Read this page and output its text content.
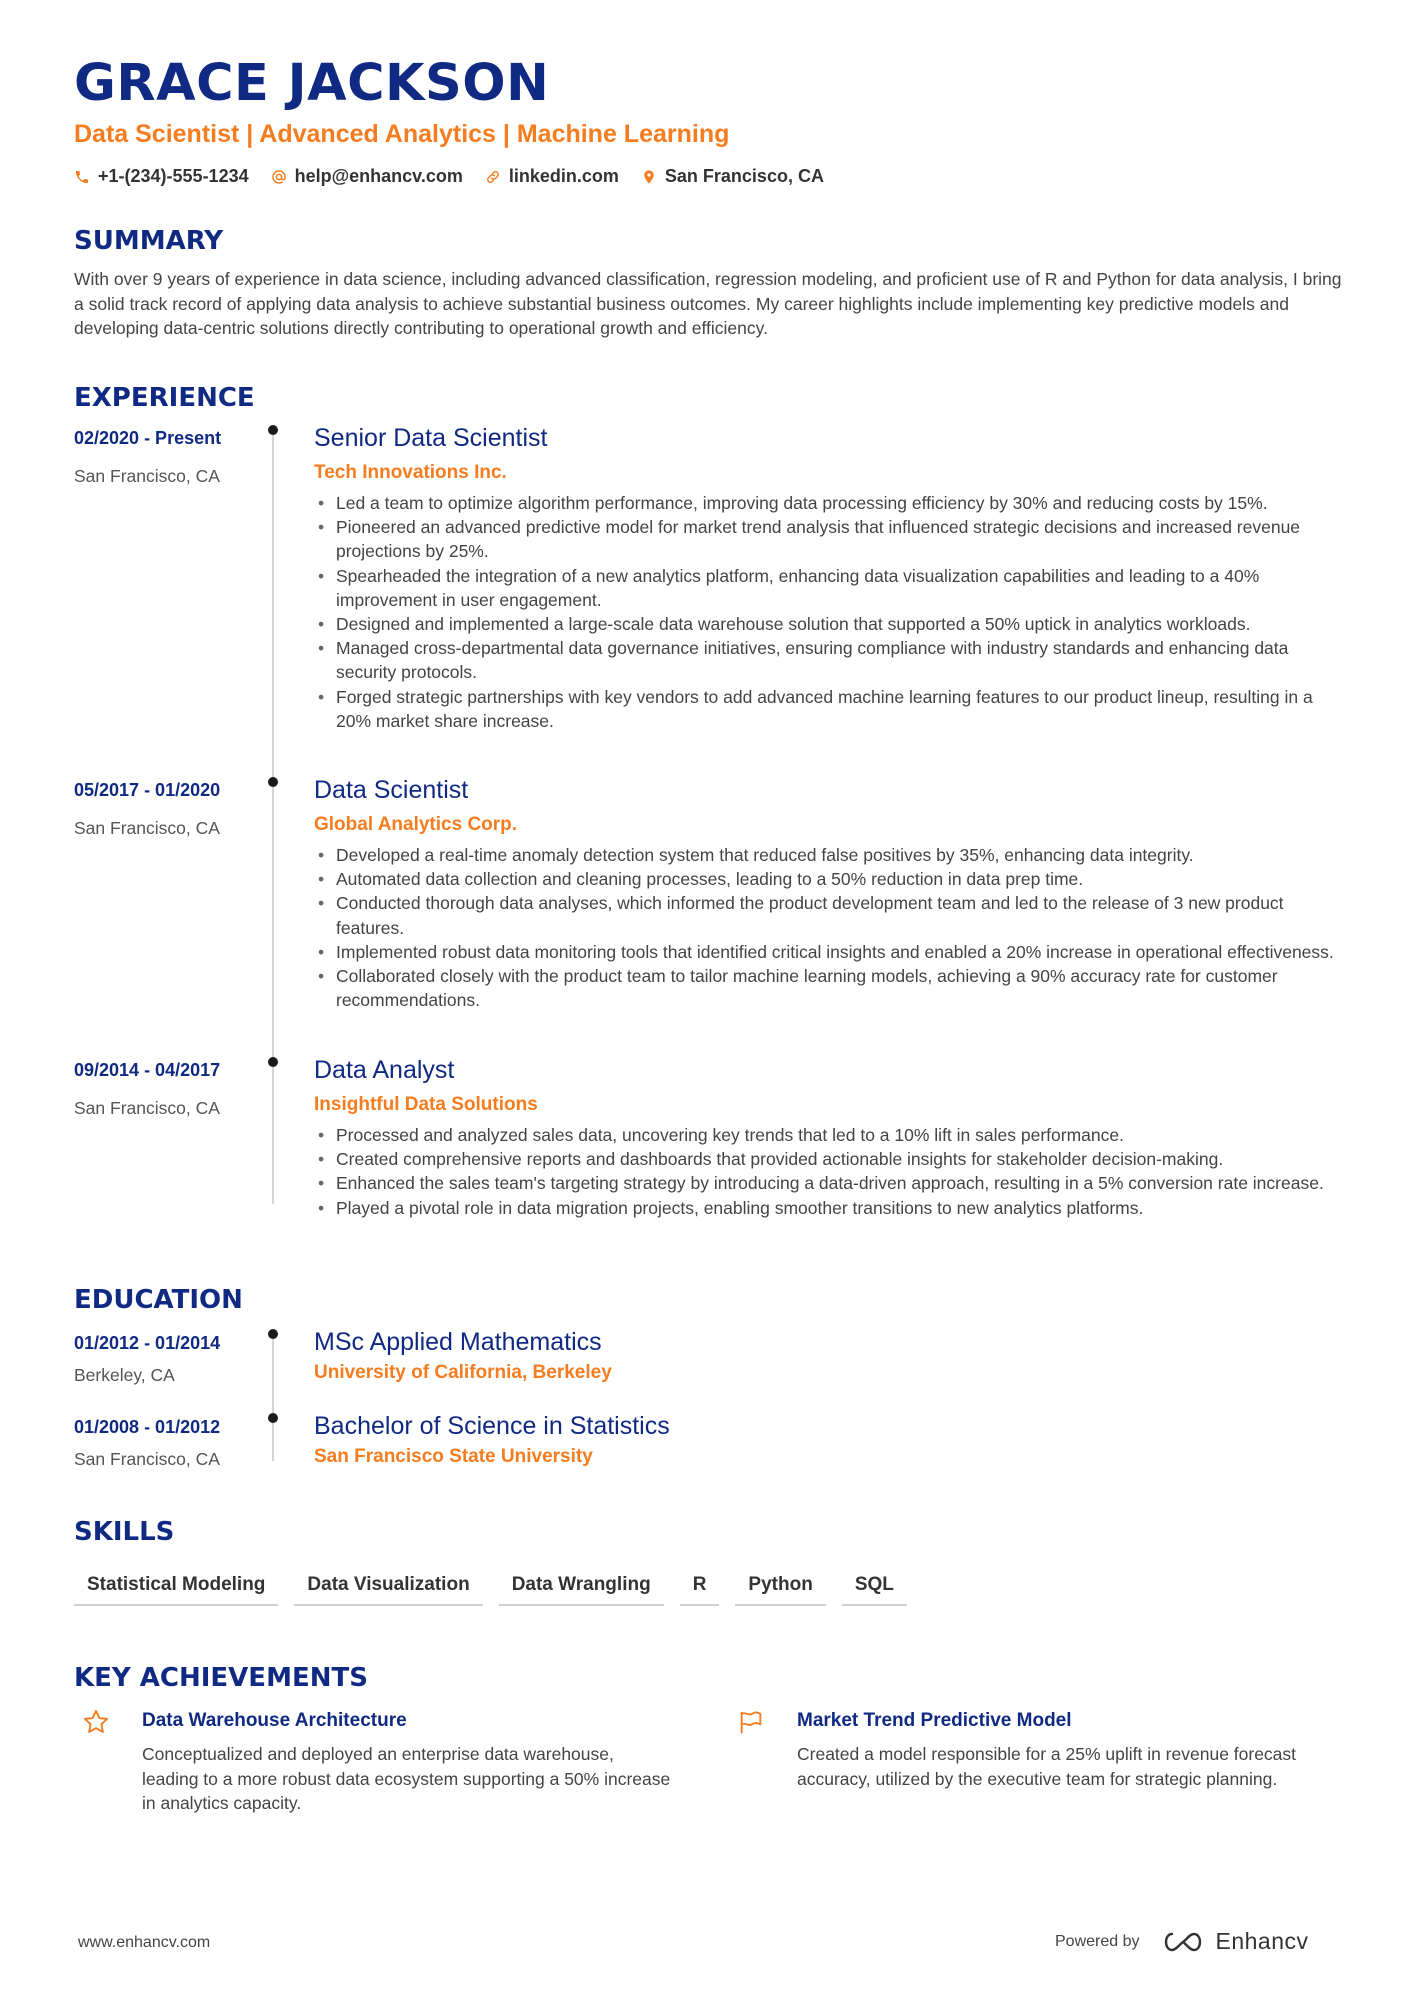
GRACE JACKSON
Data Scientist | Advanced Analytics | Machine Learning
+1-(234)-555-1234	help@enhancv.com	linkedin.com	San Francisco, CA
SUMMARY
With over 9 years of experience in data science, including advanced classification, regression modeling, and proficient use of R and Python for data analysis, I bring a solid track record of applying data analysis to achieve substantial business outcomes. My career highlights include implementing key predictive models and developing data-centric solutions directly contributing to operational growth and efficiency.
EXPERIENCE
02/2020 - Present
San Francisco, CA
Senior Data Scientist
Tech Innovations Inc.
• Led a team to optimize algorithm performance, improving data processing efficiency by 30% and reducing costs by 15%.
• Pioneered an advanced predictive model for market trend analysis that influenced strategic decisions and increased revenue projections by 25%.
• Spearheaded the integration of a new analytics platform, enhancing data visualization capabilities and leading to a 40% improvement in user engagement.
• Designed and implemented a large-scale data warehouse solution that supported a 50% uptick in analytics workloads.
• Managed cross-departmental data governance initiatives, ensuring compliance with industry standards and enhancing data security protocols.
• Forged strategic partnerships with key vendors to add advanced machine learning features to our product lineup, resulting in a 20% market share increase.
05/2017 - 01/2020
San Francisco, CA
Data Scientist
Global Analytics Corp.
• Developed a real-time anomaly detection system that reduced false positives by 35%, enhancing data integrity.
• Automated data collection and cleaning processes, leading to a 50% reduction in data prep time.
• Conducted thorough data analyses, which informed the product development team and led to the release of 3 new product features.
• Implemented robust data monitoring tools that identified critical insights and enabled a 20% increase in operational effectiveness.
• Collaborated closely with the product team to tailor machine learning models, achieving a 90% accuracy rate for customer recommendations.
09/2014 - 04/2017
San Francisco, CA
Data Analyst
Insightful Data Solutions
• Processed and analyzed sales data, uncovering key trends that led to a 10% lift in sales performance.
• Created comprehensive reports and dashboards that provided actionable insights for stakeholder decision-making.
• Enhanced the sales team's targeting strategy by introducing a data-driven approach, resulting in a 5% conversion rate increase.
• Played a pivotal role in data migration projects, enabling smoother transitions to new analytics platforms.
EDUCATION
01/2012 - 01/2014
Berkeley, CA
MSc Applied Mathematics
University of California, Berkeley
01/2008 - 01/2012
San Francisco, CA
Bachelor of Science in Statistics
San Francisco State University
SKILLS
Statistical Modeling	Data Visualization	Data Wrangling	R	Python	SQL
KEY ACHIEVEMENTS
Data Warehouse Architecture
Conceptualized and deployed an enterprise data warehouse, leading to a more robust data ecosystem supporting a 50% increase in analytics capacity.
Market Trend Predictive Model
Created a model responsible for a 25% uplift in revenue forecast accuracy, utilized by the executive team for strategic planning.
www.enhancv.com	Powered by	Enhancv
